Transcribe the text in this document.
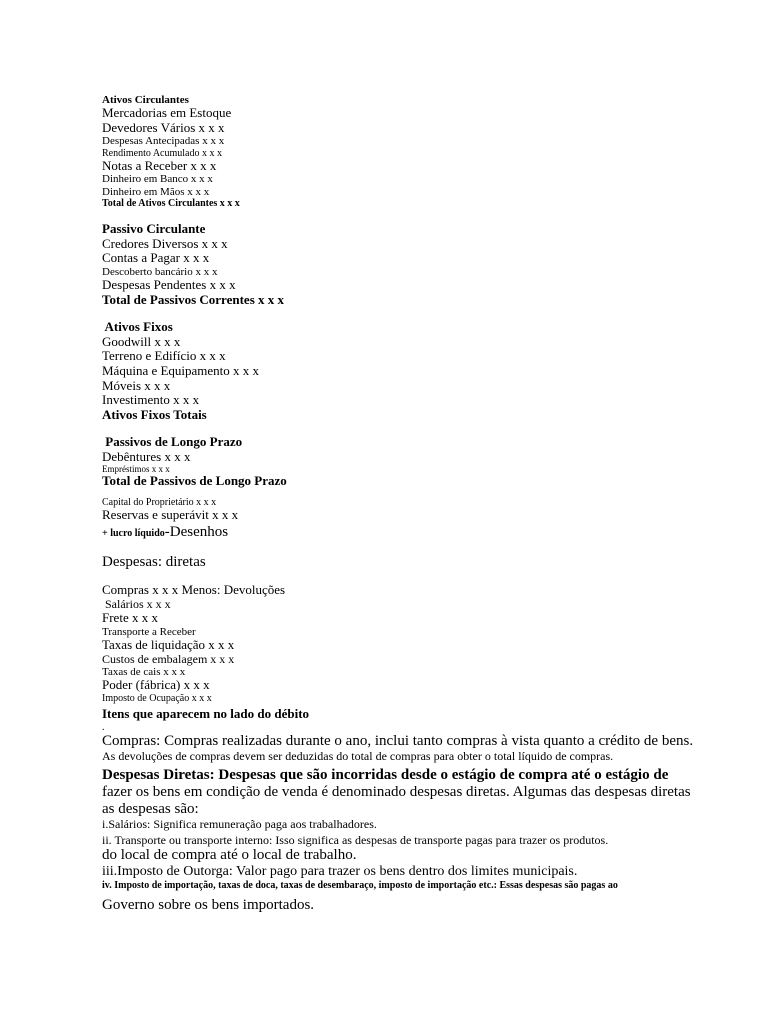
Ativos Circulantes
Mercadorias em Estoque
Devedores Vários x x x
Despesas Antecipadas x x x
Rendimento Acumulado x x x
Notas a Receber x x x
Dinheiro em Banco x x x
Dinheiro em Mãos x x x
Total de Ativos Circulantes x x x
Passivo Circulante
Credores Diversos x x x
Contas a Pagar x x x
Descoberto bancário x x x
Despesas Pendentes x x x
Total de Passivos Correntes x x x
Ativos Fixos
Goodwill x x x
Terreno e Edifício x x x
Máquina e Equipamento x x x
Móveis x x x
Investimento x x x
Ativos Fixos Totais
Passivos de Longo Prazo
Debêntures x x x
Empréstimos x x x
Total de Passivos de Longo Prazo
Capital do Proprietário x x x
Reservas e superávit x x x
+ lucro líquido-Desenhos
Despesas: diretas
Compras x x x Menos: Devoluções
Salários x x x
Frete x x x
Transporte a Receber
Taxas de liquidação x x x
Custos de embalagem x x x
Taxas de cais x x x
Poder (fábrica) x x x
Imposto de Ocupação x x x
Itens que aparecem no lado do débito
.
Compras: Compras realizadas durante o ano, inclui tanto compras à vista quanto a crédito de bens.
As devoluções de compras devem ser deduzidas do total de compras para obter o total líquido de compras.
Despesas Diretas: Despesas que são incorridas desde o estágio de compra até o estágio de
fazer os bens em condição de venda é denominado despesas diretas. Algumas das despesas diretas
as despesas são:
i.Salários: Significa remuneração paga aos trabalhadores.
ii. Transporte ou transporte interno: Isso significa as despesas de transporte pagas para trazer os produtos.
do local de compra até o local de trabalho.
iii.Imposto de Outorga: Valor pago para trazer os bens dentro dos limites municipais.
iv. Imposto de importação, taxas de doca, taxas de desembaraço, imposto de importação etc.: Essas despesas são pagas ao
Governo sobre os bens importados.
